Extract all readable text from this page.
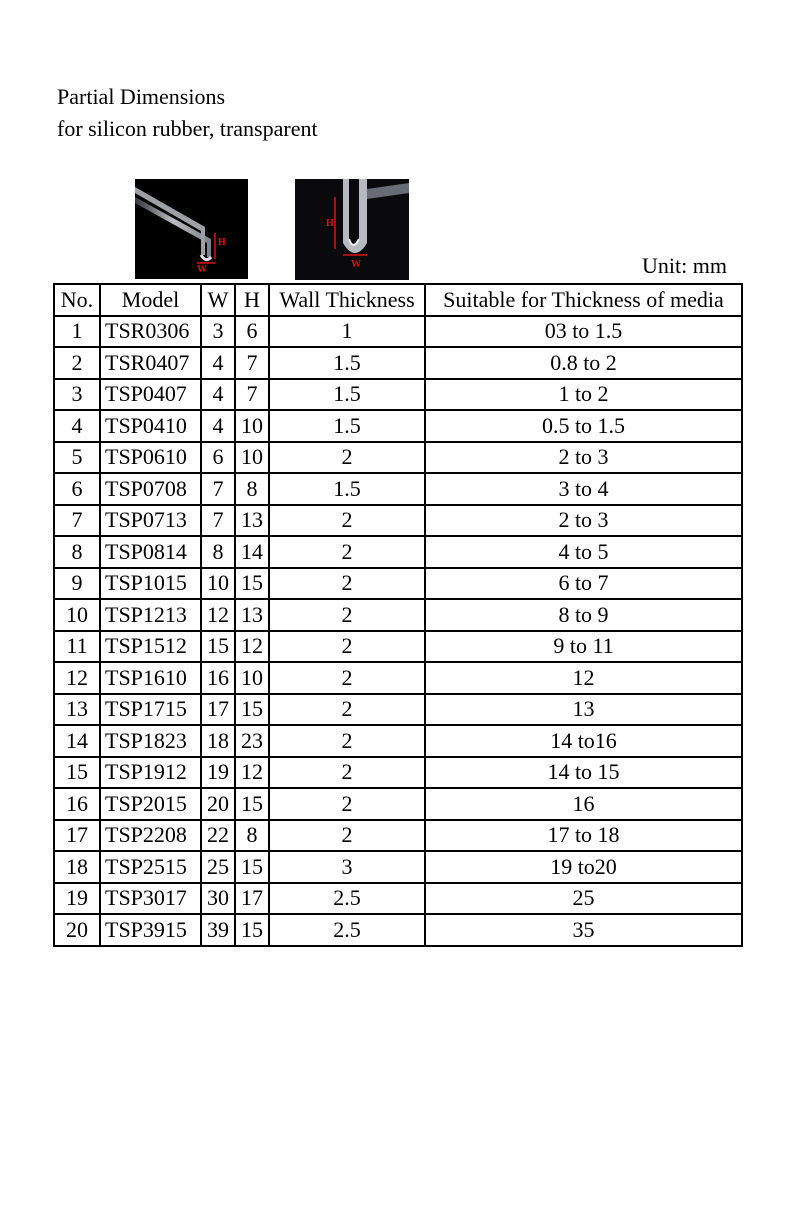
Partial Dimensions
for silicon rubber, transparent
H
W
H
W	Unit: mm
No.	Model	W	H	Wall Thickness	Suitable for Thickness of media
1	TSR0306	3	6	1	03 to 1.5
2	TSR0407	4	7	1.5	0.8 to 2
3	TSP0407	4	7	1.5	1 to 2
4	TSP0410	4	10	1.5	0.5 to 1.5
5	TSP0610	6	10	2	2 to 3
6	TSP0708	7	8	1.5	3 to 4
7	TSP0713	7	13	2	2 to 3
8	TSP0814	8	14	2	4 to 5
9	TSP1015	10	15	2	6 to 7
10	TSP1213	12	13	2	8 to 9
11	TSP1512	15	12	2	9 to 11
12	TSP1610	16	10	2	12
13	TSP1715	17	15	2	13
14	TSP1823	18	23	2	14 to16
15	TSP1912	19	12	2	14 to 15
16	TSP2015	20	15	2	16
17	TSP2208	22	8	2	17 to 18
18	TSP2515	25	15	3	19 to20
19	TSP3017	30	17	2.5	25
20	TSP3915	39	15	2.5	35
